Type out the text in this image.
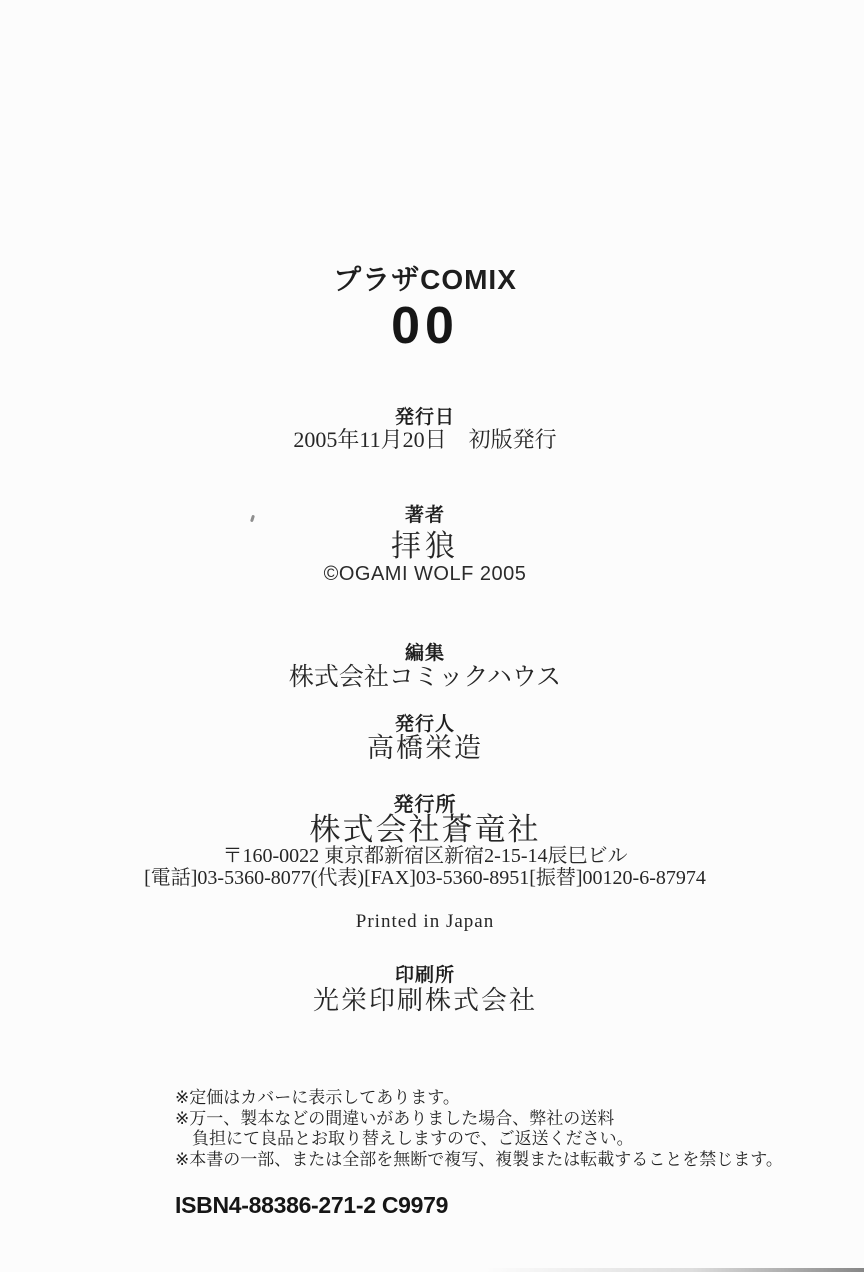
プラザCOMIX
00
発行日
2005年11月20日　初版発行
著者
拝狼
©OGAMI WOLF 2005
編集
株式会社コミックハウス
発行人
高橋栄造
発行所
株式会社蒼竜社
〒160-0022 東京都新宿区新宿2-15-14辰巳ビル
[電話]03-5360-8077(代表)[FAX]03-5360-8951[振替]00120-6-87974
Printed in Japan
印刷所
光栄印刷株式会社
※定価はカバーに表示してあります。
※万一、製本などの間違いがありました場合、弊社の送料
負担にて良品とお取り替えしますので、ご返送ください。
※本書の一部、または全部を無断で複写、複製または転載することを禁じます。
ISBN4-88386-271-2 C9979
